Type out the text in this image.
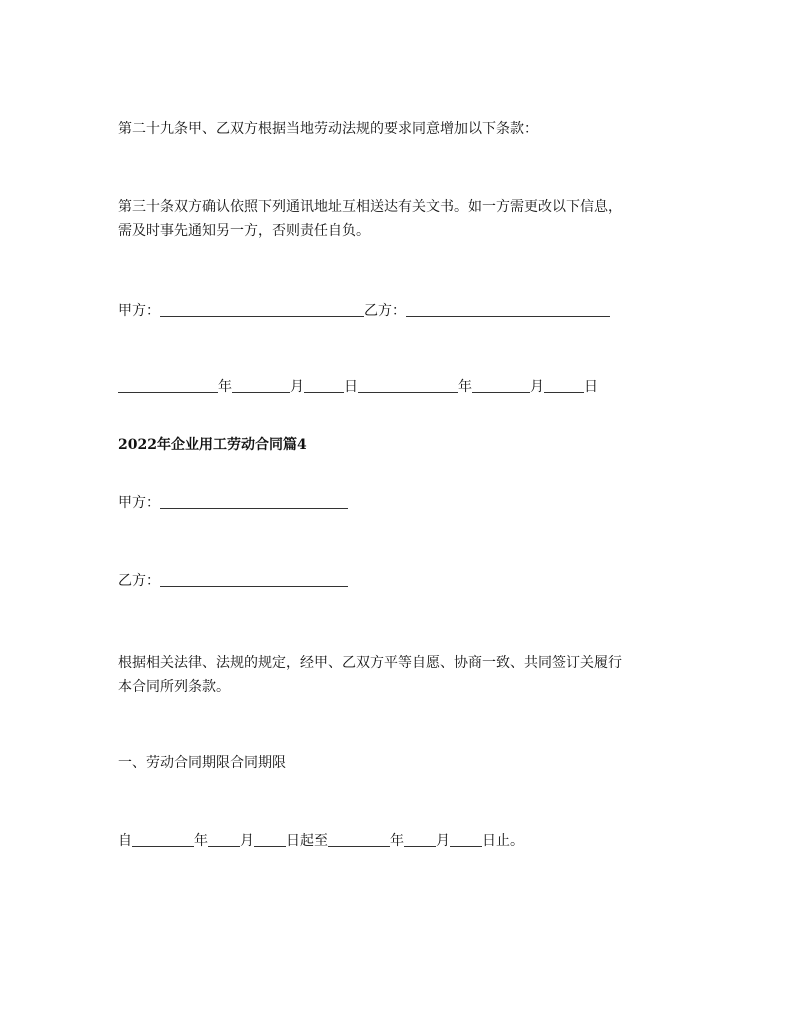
第二十九条甲、乙双方根据当地劳动法规的要求同意增加以下条款：
第三十条双方确认依照下列通讯地址互相送达有关文书。如一方需更改以下信息，
需及时事先通知另一方，否则责任自负。
甲方：	乙方：
年	月	日	年	月	日
2022年企业用工劳动合同篇4
甲方：
乙方：
根据相关法律、法规的规定，经甲、乙双方平等自愿、协商一致、共同签订关履行
本合同所列条款。
一、劳动合同期限合同期限
自	年 月 日起至	年 月 日止。
